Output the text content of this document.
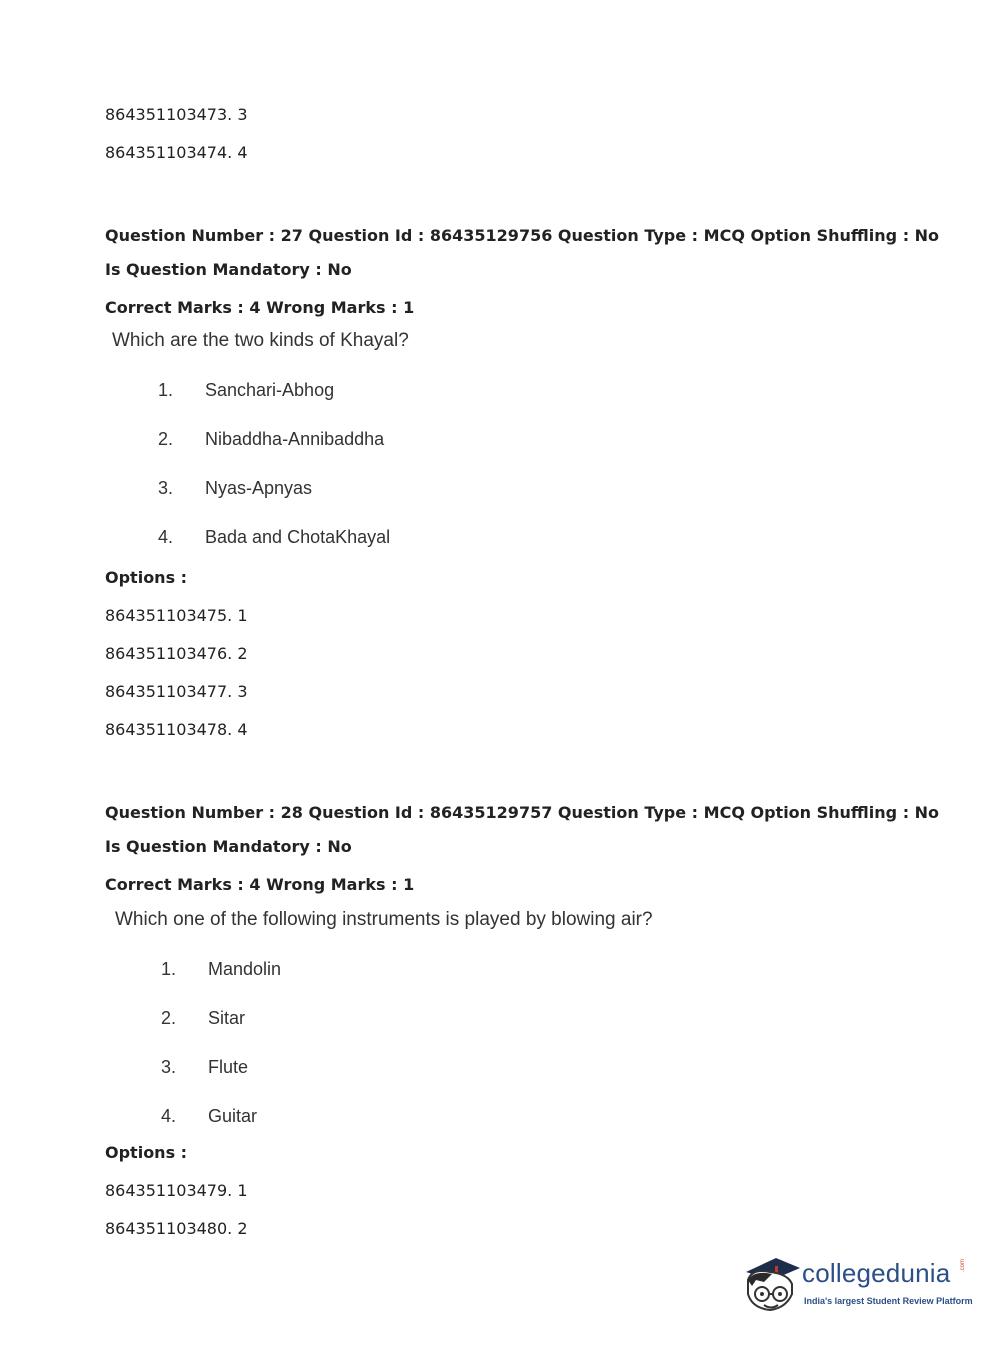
864351103473. 3
864351103474. 4
Question Number : 27 Question Id : 86435129756 Question Type : MCQ Option Shuffling : No
Is Question Mandatory : No
Correct Marks : 4 Wrong Marks : 1
Which are the two kinds of Khayal?
1. Sanchari-Abhog
2. Nibaddha-Annibaddha
3. Nyas-Apnyas
4. Bada and ChotaKhayal
Options :
864351103475. 1
864351103476. 2
864351103477. 3
864351103478. 4
Question Number : 28 Question Id : 86435129757 Question Type : MCQ Option Shuffling : No
Is Question Mandatory : No
Correct Marks : 4 Wrong Marks : 1
Which one of the following instruments is played by blowing air?
1. Mandolin
2. Sitar
3. Flute
4. Guitar
Options :
864351103479. 1
864351103480. 2
collegedunia .com
India's largest Student Review Platform
